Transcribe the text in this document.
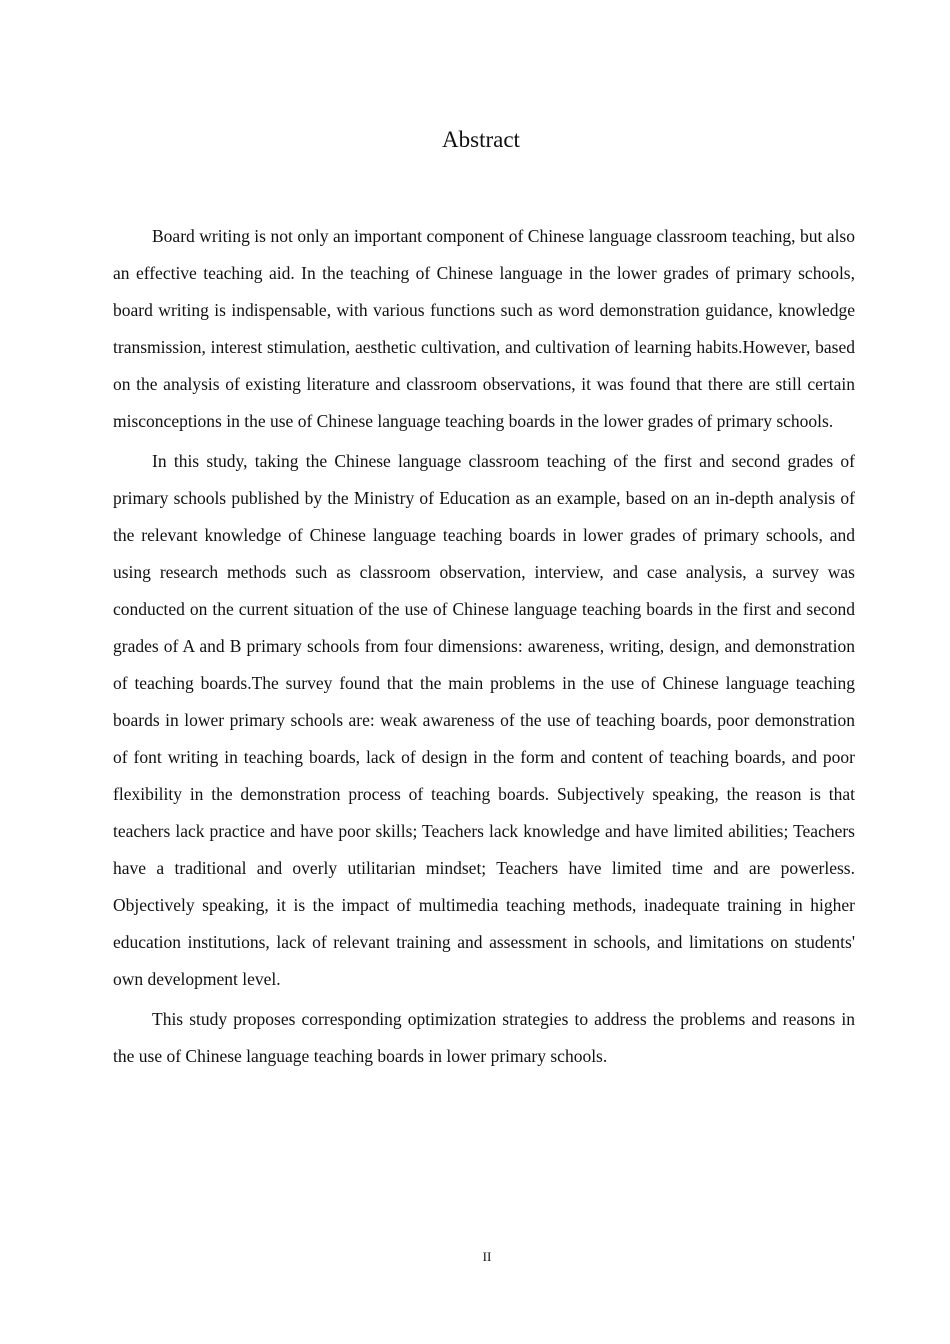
Abstract

Board writing is not only an important component of Chinese language classroom teaching, but also an effective teaching aid. In the teaching of Chinese language in the lower grades of primary schools, board writing is indispensable, with various functions such as word demonstration guidance, knowledge transmission, interest stimulation, aesthetic cultivation, and cultivation of learning habits.However, based on the analysis of existing literature and classroom observations, it was found that there are still certain misconceptions in the use of Chinese language teaching boards in the lower grades of primary schools.

In this study, taking the Chinese language classroom teaching of the first and second grades of primary schools published by the Ministry of Education as an example, based on an in-depth analysis of the relevant knowledge of Chinese language teaching boards in lower grades of primary schools, and using research methods such as classroom observation, interview, and case analysis, a survey was conducted on the current situation of the use of Chinese language teaching boards in the first and second grades of A and B primary schools from four dimensions: awareness, writing, design, and demonstration of teaching boards.The survey found that the main problems in the use of Chinese language teaching boards in lower primary schools are: weak awareness of the use of teaching boards, poor demonstration of font writing in teaching boards, lack of design in the form and content of teaching boards, and poor flexibility in the demonstration process of teaching boards. Subjectively speaking, the reason is that teachers lack practice and have poor skills; Teachers lack knowledge and have limited abilities; Teachers have a traditional and overly utilitarian mindset; Teachers have limited time and are powerless. Objectively speaking, it is the impact of multimedia teaching methods, inadequate training in higher education institutions, lack of relevant training and assessment in schools, and limitations on students' own development level.

This study proposes corresponding optimization strategies to address the problems and reasons in the use of Chinese language teaching boards in lower primary schools.

II
